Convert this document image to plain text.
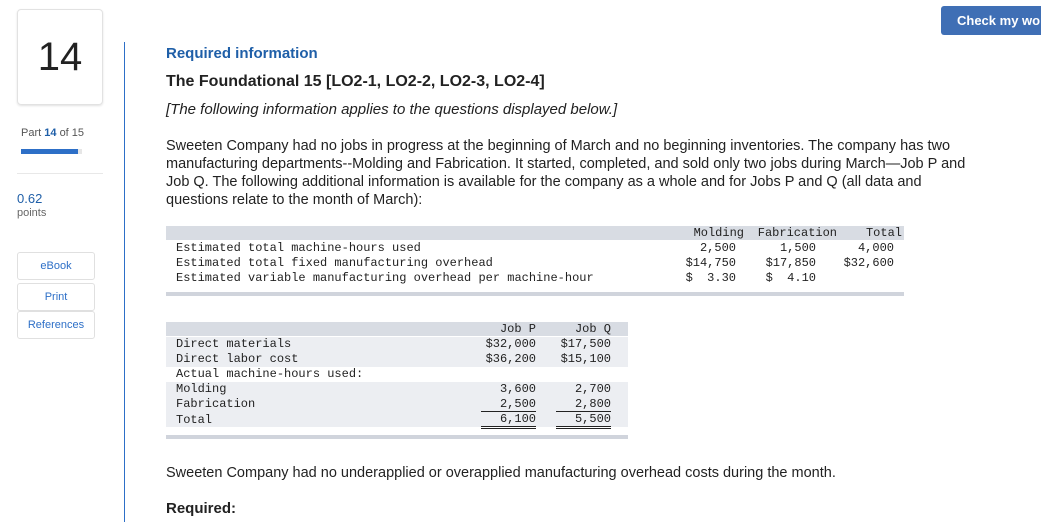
14
Part 14 of 15
0.62
points
eBook
Print
References
Check my work
Required information
The Foundational 15 [LO2-1, LO2-2, LO2-3, LO2-4]
[The following information applies to the questions displayed below.]
Sweeten Company had no jobs in progress at the beginning of March and no beginning inventories. The company has two manufacturing departments--Molding and Fabrication. It started, completed, and sold only two jobs during March—Job P and Job Q. The following additional information is available for the company as a whole and for Jobs P and Q (all data and questions relate to the month of March):
Molding	Fabrication	Total
Estimated total machine-hours used	2,500	1,500	4,000
Estimated total fixed manufacturing overhead	$14,750	$17,850	$32,600
Estimated variable manufacturing overhead per machine-hour	$  3.30	$  4.10
Job P	Job Q
Direct materials	$32,000	$17,500
Direct labor cost	$36,200	$15,100
Actual machine-hours used:
Molding	3,600	2,700
Fabrication	2,500	2,800
Total	6,100	5,500
Sweeten Company had no underapplied or overapplied manufacturing overhead costs during the month.
Required:
